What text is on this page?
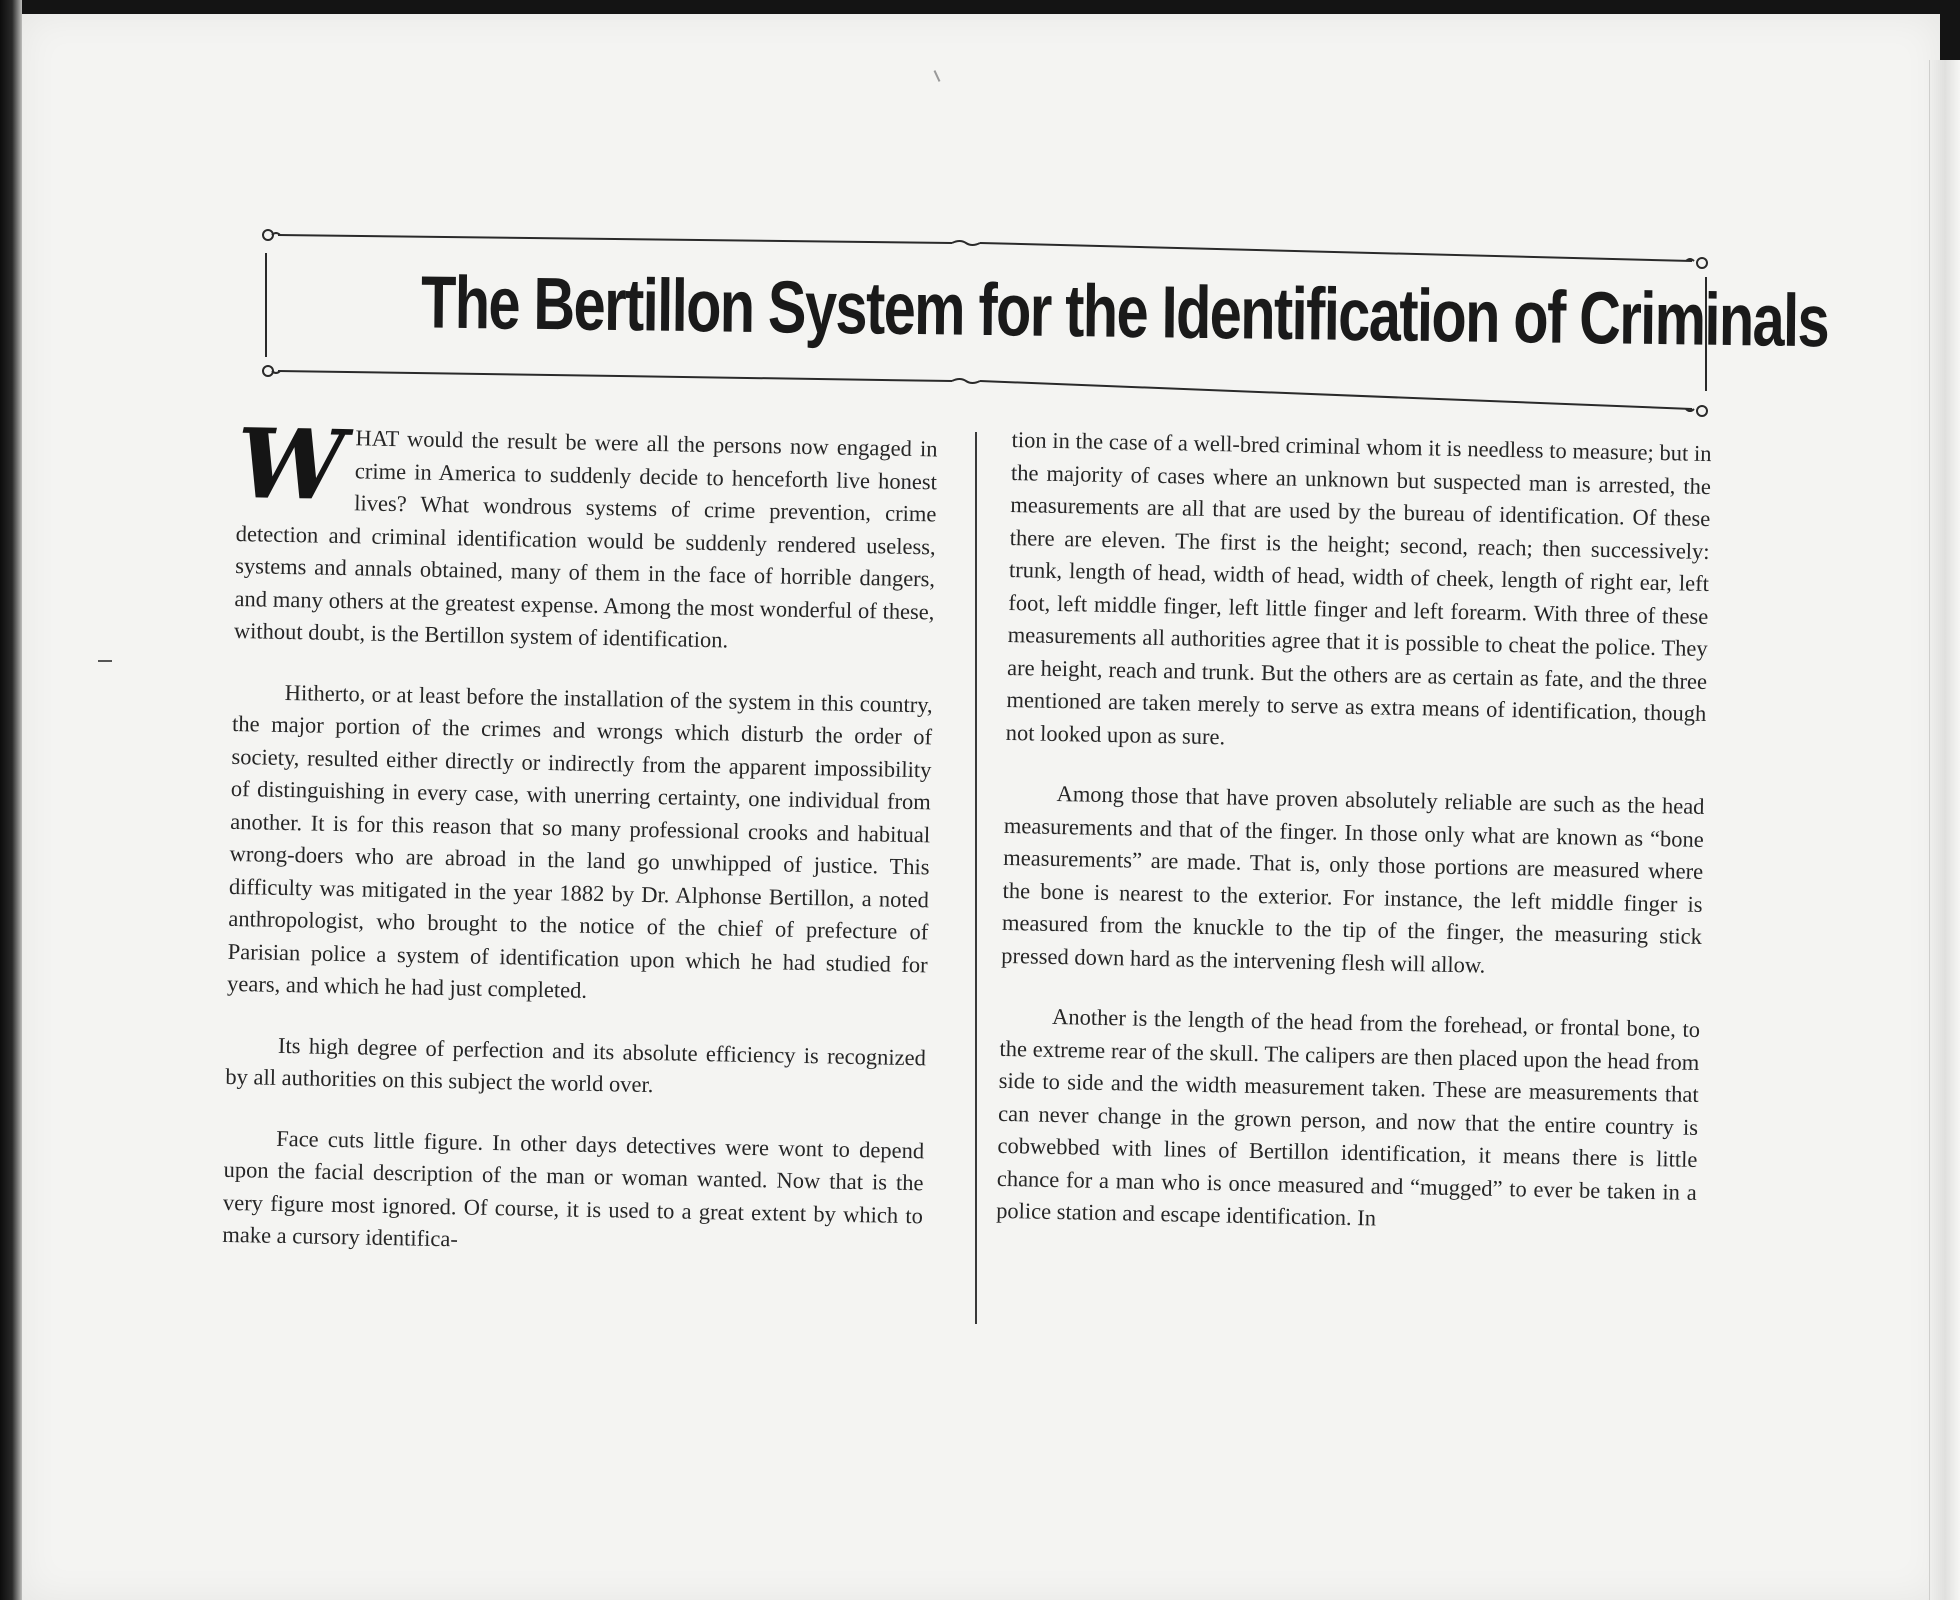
The Bertillon System for the Identification of Criminals

WHAT would the result be were all the persons now engaged in crime in America to suddenly decide to henceforth live honest lives? What wondrous systems of crime prevention, crime detection and criminal identification would be suddenly rendered useless, systems and annals obtained, many of them in the face of horrible dangers, and many others at the greatest expense. Among the most wonderful of these, without doubt, is the Bertillon system of identification.

Hitherto, or at least before the installation of the system in this country, the major portion of the crimes and wrongs which disturb the order of society, resulted either directly or indirectly from the apparent impossibility of distinguishing in every case, with unerring certainty, one individual from another. It is for this reason that so many professional crooks and habitual wrong-doers who are abroad in the land go unwhipped of justice. This difficulty was mitigated in the year 1882 by Dr. Alphonse Bertillon, a noted anthropologist, who brought to the notice of the chief of prefecture of Parisian police a system of identification upon which he had studied for years, and which he had just completed.

Its high degree of perfection and its absolute efficiency is recognized by all authorities on this subject the world over.

Face cuts little figure. In other days detectives were wont to depend upon the facial description of the man or woman wanted. Now that is the very figure most ignored. Of course, it is used to a great extent by which to make a cursory identifica-

tion in the case of a well-bred criminal whom it is needless to measure; but in the majority of cases where an unknown but suspected man is arrested, the measurements are all that are used by the bureau of identification. Of these there are eleven. The first is the height; second, reach; then successively: trunk, length of head, width of head, width of cheek, length of right ear, left foot, left middle finger, left little finger and left forearm. With three of these measurements all authorities agree that it is possible to cheat the police. They are height, reach and trunk. But the others are as certain as fate, and the three mentioned are taken merely to serve as extra means of identification, though not looked upon as sure.

Among those that have proven absolutely reliable are such as the head measurements and that of the finger. In those only what are known as “bone measurements” are made. That is, only those portions are measured where the bone is nearest to the exterior. For instance, the left middle finger is measured from the knuckle to the tip of the finger, the measuring stick pressed down hard as the intervening flesh will allow.

Another is the length of the head from the forehead, or frontal bone, to the extreme rear of the skull. The calipers are then placed upon the head from side to side and the width measurement taken. These are measurements that can never change in the grown person, and now that the entire country is cobwebbed with lines of Bertillon identification, it means there is little chance for a man who is once measured and “mugged” to ever be taken in a police station and escape identification. In
